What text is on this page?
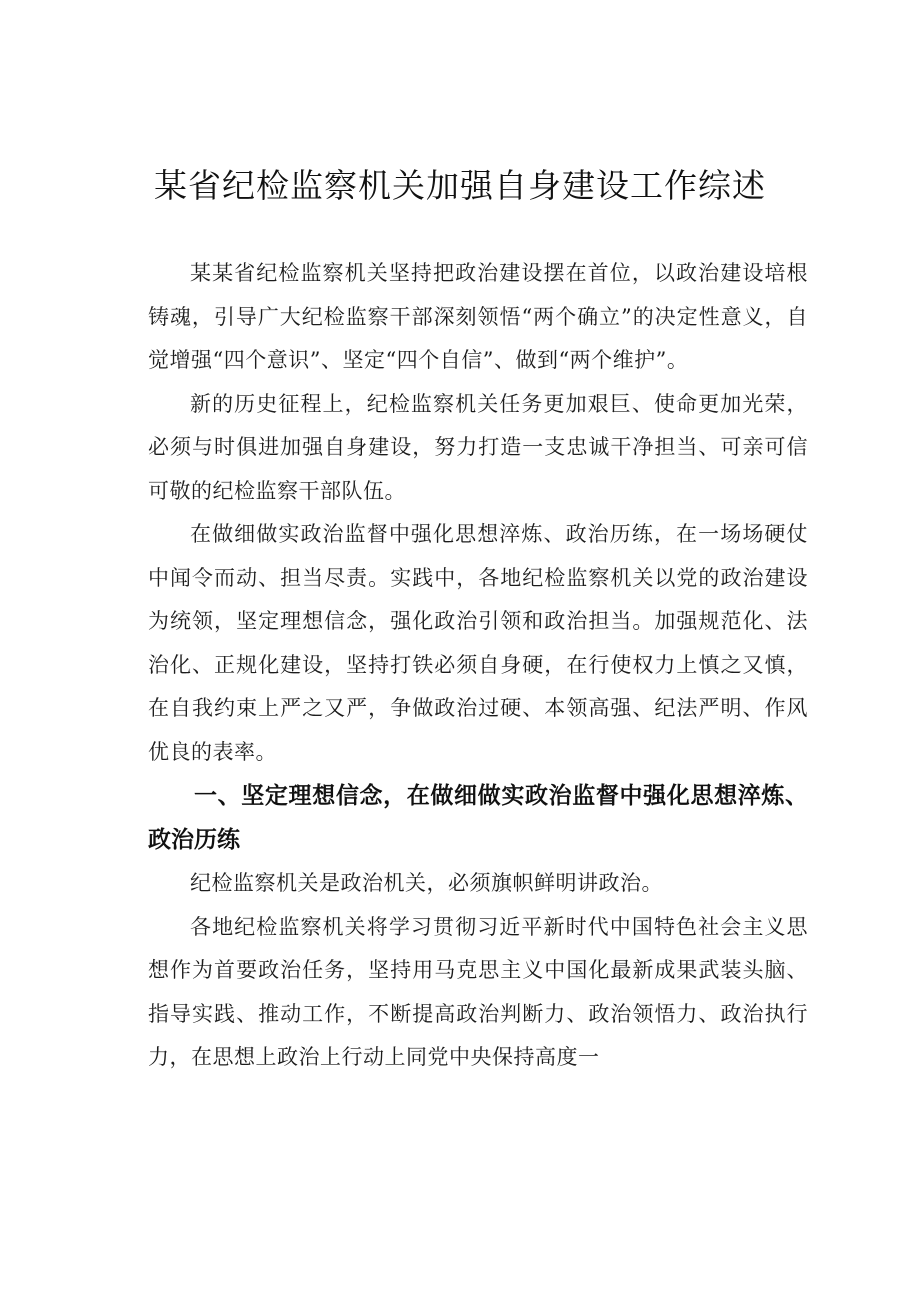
某省纪检监察机关加强自身建设工作综述

某某省纪检监察机关坚持把政治建设摆在首位，以政治建设培根铸魂，引导广大纪检监察干部深刻领悟“两个确立”的决定性意义，自觉增强“四个意识”、坚定“四个自信”、做到“两个维护”。

新的历史征程上，纪检监察机关任务更加艰巨、使命更加光荣，必须与时俱进加强自身建设，努力打造一支忠诚干净担当、可亲可信可敬的纪检监察干部队伍。

在做细做实政治监督中强化思想淬炼、政治历练，在一场场硬仗中闻令而动、担当尽责。实践中，各地纪检监察机关以党的政治建设为统领，坚定理想信念，强化政治引领和政治担当。加强规范化、法治化、正规化建设，坚持打铁必须自身硬，在行使权力上慎之又慎，在自我约束上严之又严，争做政治过硬、本领高强、纪法严明、作风优良的表率。

一、坚定理想信念，在做细做实政治监督中强化思想淬炼、政治历练

纪检监察机关是政治机关，必须旗帜鲜明讲政治。

各地纪检监察机关将学习贯彻习近平新时代中国特色社会主义思想作为首要政治任务，坚持用马克思主义中国化最新成果武装头脑、指导实践、推动工作，不断提高政治判断力、政治领悟力、政治执行力，在思想上政治上行动上同党中央保持高度一
